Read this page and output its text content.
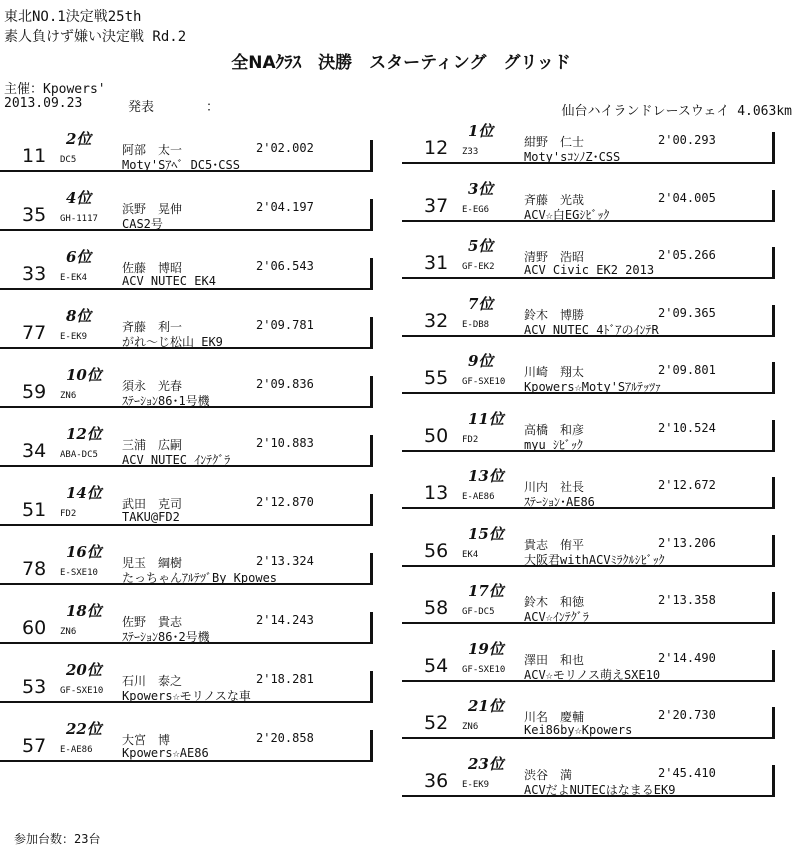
東北NO.1決定戦25th
素人負けず嫌い決定戦 Rd.2
全NAｸﾗｽ　決勝　スターティング　グリッド
主催：Kpowers'
2013.09.23	発表　　　　：	仙台ハイランドレースウェイ 4.063km
2位
11 DC5
阿部　太一	2'02.002
Moty'Sｱﾍﾞ DC5･CSS
4位
35 GH-1117
浜野　晃伸	2'04.197
CAS2号
6位
33 E-EK4
佐藤　博昭	2'06.543
ACV NUTEC EK4
8位
77 E-EK9
斉藤　利一	2'09.781
がれ～じ松山 EK9
10位
59 ZN6
須永　光春	2'09.836
ｽﾃｰｼｮﾝ86･1号機
12位
34 ABA-DC5
三浦　広嗣	2'10.883
ACV NUTEC ｲﾝﾃｸﾞﾗ
14位
51 FD2
武田　克司	2'12.870
TAKU@FD2
16位
78 E-SXE10
児玉　綱樹	2'13.324
たっちゃんｱﾙﾃﾂﾞBy Kpowes
18位
60 ZN6
佐野　貴志	2'14.243
ｽﾃｰｼｮﾝ86･2号機
20位
53 GF-SXE10
石川　泰之	2'18.281
Kpowers☆モリノスな車
22位
57 E-AE86
大宮　博	2'20.858
Kpowers☆AE86
1位
12 Z33
紺野　仁士	2'00.293
Moty'sｺﾝﾉZ･CSS
3位
37 E-EG6
斉藤　光哉	2'04.005
ACV☆白EGｼﾋﾞｯｸ
5位
31 GF-EK2
清野　浩昭	2'05.266
ACV Civic EK2 2013
7位
32 E-DB8
鈴木　博勝	2'09.365
ACV NUTEC 4ﾄﾞｱのｲﾝﾃR
9位
55 GF-SXE10
川崎　翔太	2'09.801
Kpowers☆Moty'Sｱﾙﾃｯﾂｧ
11位
50 FD2
高橋　和彦	2'10.524
myu ｼﾋﾞｯｸ
13位
13 E-AE86
川内　社長	2'12.672
ｽﾃｰｼｮﾝ･AE86
15位
56 EK4
貴志　侑平	2'13.206
大阪君withACVﾐﾗｸﾙｼﾋﾞｯｸ
17位
58 GF-DC5
鈴木　和徳	2'13.358
ACV☆ｲﾝﾃｸﾞﾗ
19位
54 GF-SXE10
澤田　和也	2'14.490
ACV☆モリノス萌えSXE10
21位
52 ZN6
川名　慶輔	2'20.730
Kei86by☆Kpowers
23位
36 E-EK9
渋谷　満	2'45.410
ACVだよNUTECはなまるEK9
参加台数：23台
